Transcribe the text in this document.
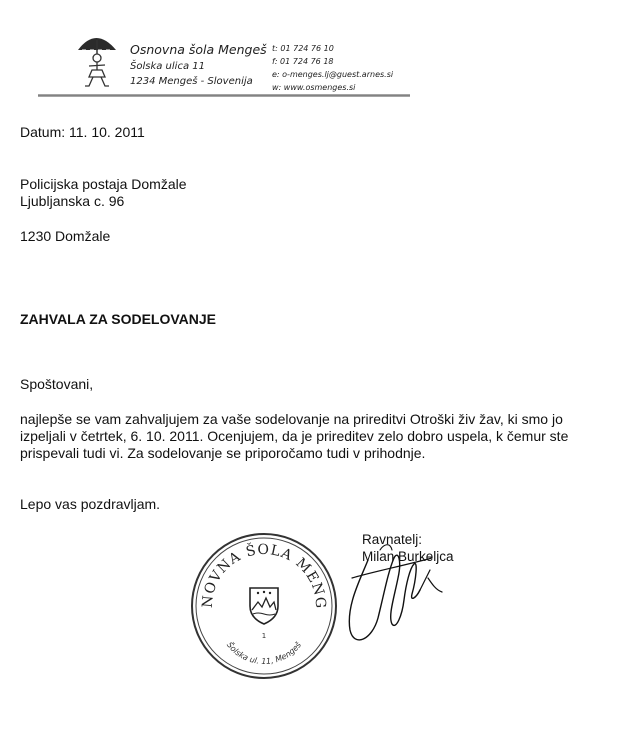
Osnovna šola Mengeš
Šolska ulica 11
1234 Mengeš - Slovenija
t: 01 724 76 10
f: 01 724 76 18
e: o-menges.lj@guest.arnes.si
w: www.osmenges.si
Datum: 11. 10. 2011
Policijska postaja Domžale
Ljubljanska c. 96
1230 Domžale
ZAHVALA ZA SODELOVANJE
Spoštovani,
najlepše se vam zahvaljujem za vaše sodelovanje na prireditvi Otroški živ žav, ki smo jo
izpeljali v četrtek, 6. 10. 2011. Ocenjujem, da je prireditev zelo dobro uspela, k čemur ste
prispevali tudi vi. Za sodelovanje se priporočamo tudi v prihodnje.
Lepo vas pozdravljam.
OSNOVNA ŠOLA MENGEŠ
Šolska ul. 11, Mengeš
1
Ravnatelj:
Milan Burkeljca
